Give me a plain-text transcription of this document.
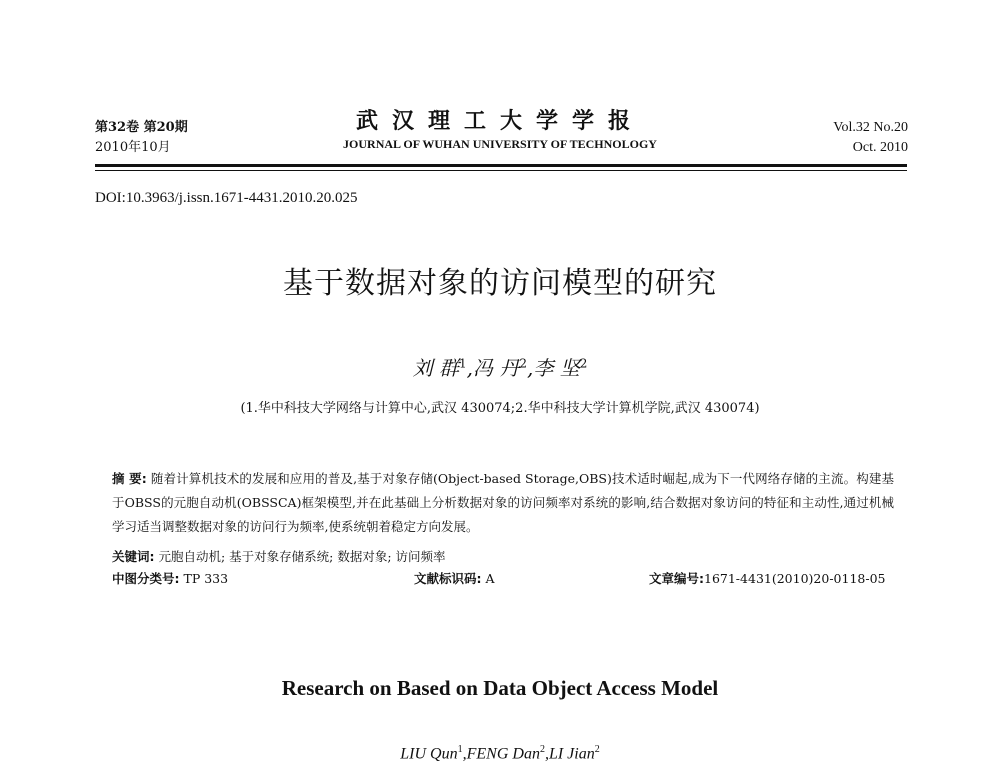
第32卷 第20期
2010年10月
武汉理工大学学报
JOURNAL OF WUHAN UNIVERSITY OF TECHNOLOGY
Vol.32 No.20
Oct. 2010
DOI:10.3963/j.issn.1671-4431.2010.20.025
基于数据对象的访问模型的研究
刘 群$^1$,冯 丹$^2$,李 坚$^2$
(1.华中科技大学网络与计算中心,武汉 430074;2.华中科技大学计算机学院,武汉 430074)
摘 要: 随着计算机技术的发展和应用的普及,基于对象存储(Object-based Storage,OBS)技术适时崛起,成为下一代网络存储的主流。构建基于OBSS的元胞自动机(OBSSCA)框架模型,并在此基础上分析数据对象的访问频率对系统的影响,结合数据对象访问的特征和主动性,通过机械学习适当调整数据对象的访问行为频率,使系统朝着稳定方向发展。
关键词: 元胞自动机; 基于对象存储系统; 数据对象; 访问频率
中图分类号: TP 333	文献标识码: A	文章编号:1671-4431(2010)20-0118-05
Research on Based on Data Object Access Model
LIU Qun$^1$,FENG Dan$^2$,LI Jian$^2$
